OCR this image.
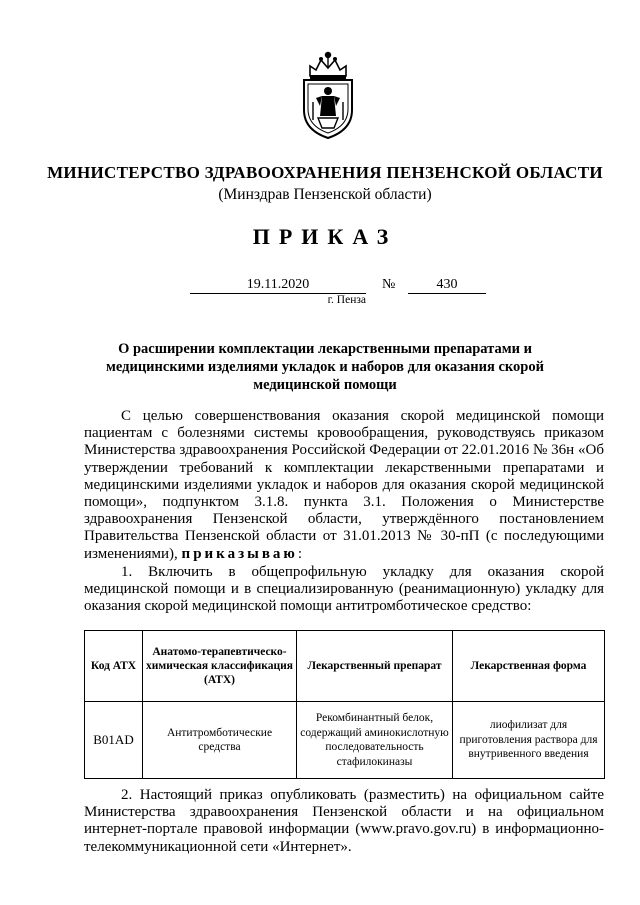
МИНИСТЕРСТВО ЗДРАВООХРАНЕНИЯ ПЕНЗЕНСКОЙ ОБЛАСТИ
(Минздрав Пензенской области)
ПРИКАЗ
19.11.2020	№	430
г. Пенза
О расширении комплектации лекарственными препаратами и медицинскими изделиями укладок и наборов для оказания скорой медицинской помощи
С целью совершенствования оказания скорой медицинской помощи пациентам с болезнями системы кровообращения, руководствуясь приказом Министерства здравоохранения Российской Федерации от 22.01.2016 № 36н «Об утверждении требований к комплектации лекарственными препаратами и медицинскими изделиями укладок и наборов для оказания скорой медицинской помощи», подпунктом 3.1.8. пункта 3.1. Положения о Министерстве здравоохранения Пензенской области, утверждённого постановлением Правительства Пензенской области от 31.01.2013 № 30-пП (с последующими изменениями), приказываю:
1. Включить в общепрофильную укладку для оказания скорой медицинской помощи и в специализированную (реанимационную) укладку для оказания скорой медицинской помощи антитромботическое средство:
Код АТХ	Анатомо-терапевтическо-химическая классификация (АТХ)	Лекарственный препарат	Лекарственная форма
B01AD	Антитромботические средства	Рекомбинантный белок, содержащий аминокислотную последовательность стафилокиназы	лиофилизат для приготовления раствора для внутривенного введения
2. Настоящий приказ опубликовать (разместить) на официальном сайте Министерства здравоохранения Пензенской области и на официальном интернет-портале правовой информации (www.pravo.gov.ru) в информационно-телекоммуникационной сети «Интернет».
